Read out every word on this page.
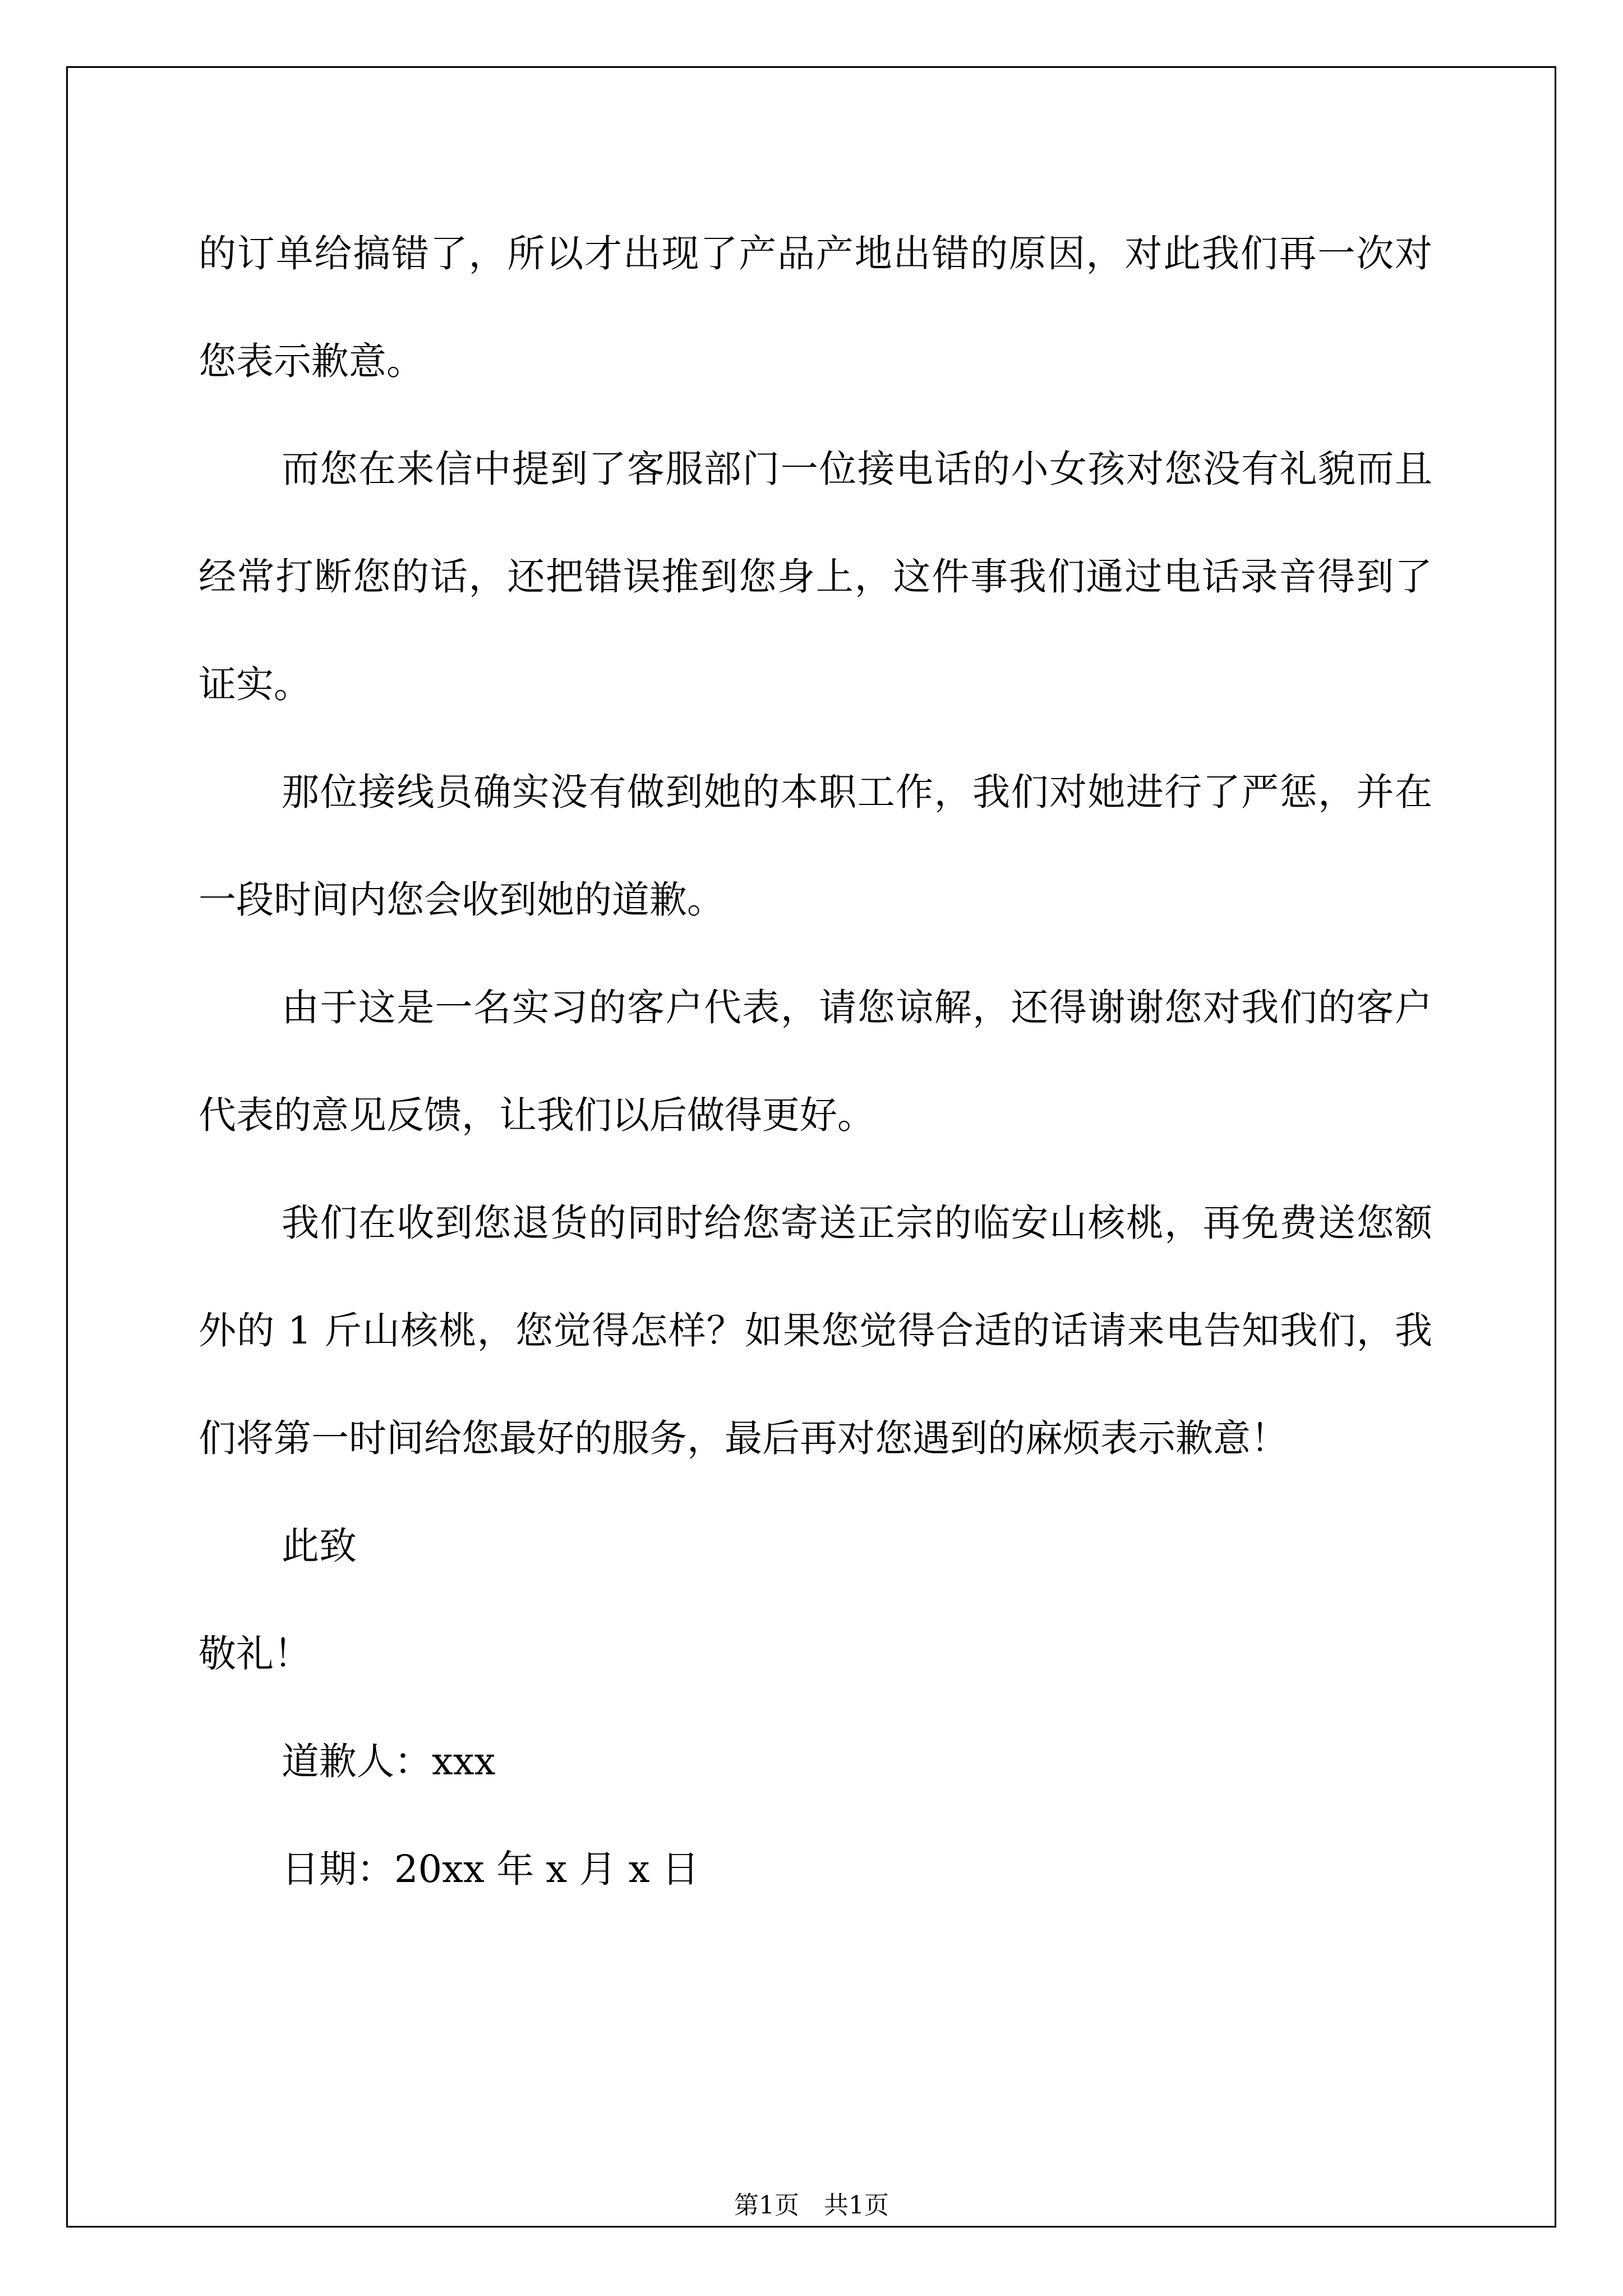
的订单给搞错了，所以才出现了产品产地出错的原因，对此我们再一次对您表示歉意。

而您在来信中提到了客服部门一位接电话的小女孩对您没有礼貌而且经常打断您的话，还把错误推到您身上，这件事我们通过电话录音得到了证实。

那位接线员确实没有做到她的本职工作，我们对她进行了严惩，并在一段时间内您会收到她的道歉。

由于这是一名实习的客户代表，请您谅解，还得谢谢您对我们的客户代表的意见反馈，让我们以后做得更好。

我们在收到您退货的同时给您寄送正宗的临安山核桃，再免费送您额外的 1 斤山核桃，您觉得怎样？如果您觉得合适的话请来电告知我们，我们将第一时间给您最好的服务，最后再对您遇到的麻烦表示歉意！

此致

敬礼！

道歉人：xxx

日期：20xx 年 x 月 x 日

第1页　共1页
